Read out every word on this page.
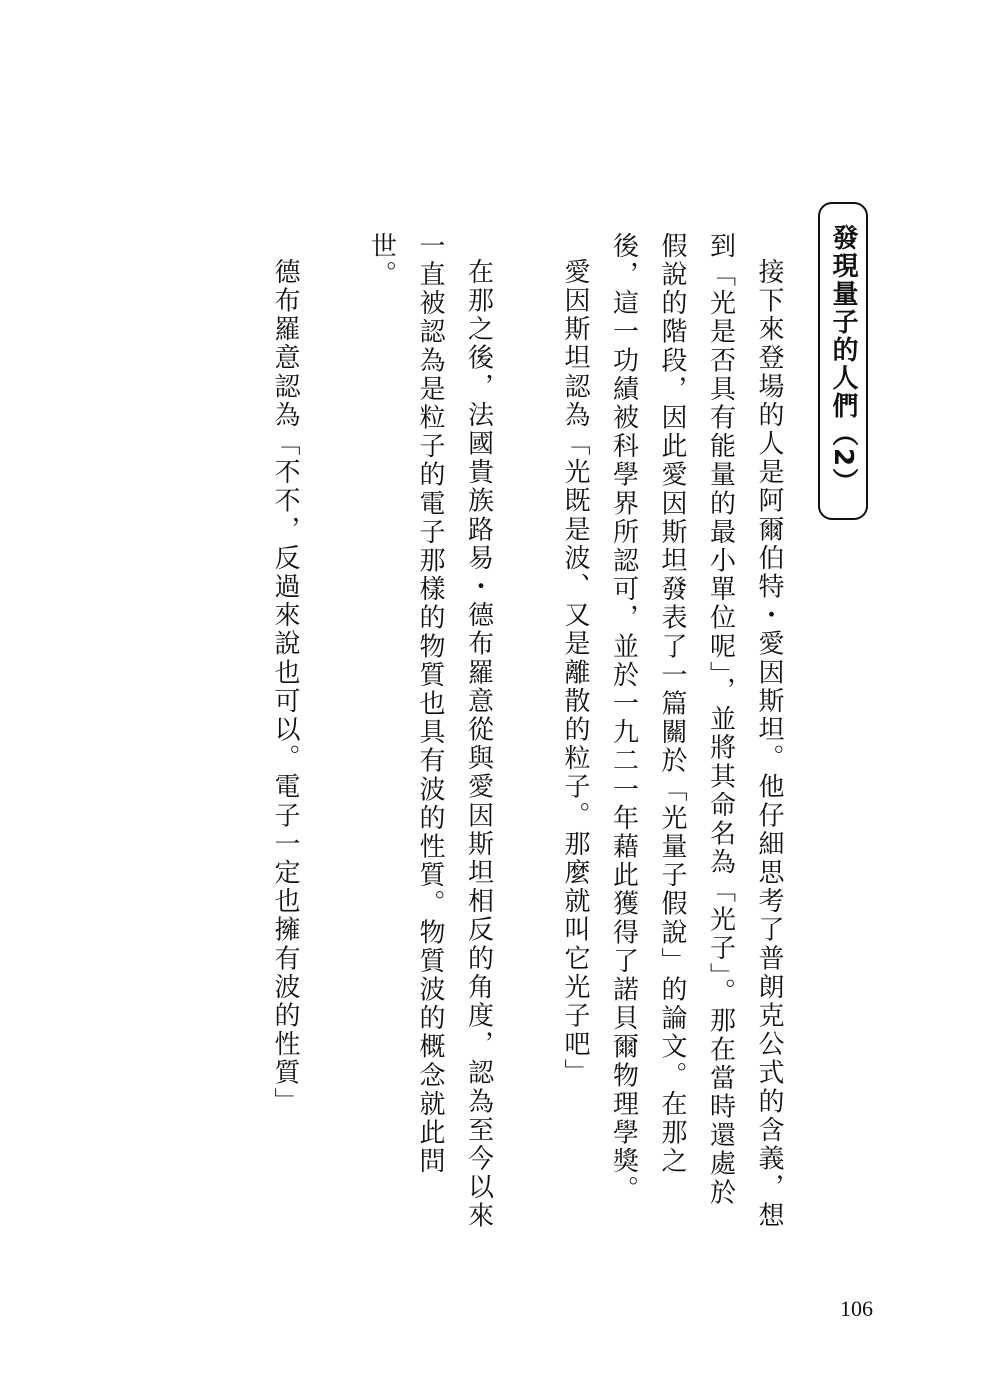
發現量子的人們（2）

接下來登場的人是阿爾伯特・愛因斯坦。他仔細思考了普朗克公式的含義，想到「光是否具有能量的最小單位呢」，並將其命名為「光子」。那在當時還處於假說的階段，因此愛因斯坦發表了一篇關於「光量子假說」的論文。在那之後，這一功績被科學界所認可，並於一九二一年藉此獲得了諾貝爾物理學獎。

愛因斯坦認為「光既是波、又是離散的粒子。那麼就叫它光子吧」

在那之後，法國貴族路易・德布羅意從與愛因斯坦相反的角度，認為至今以來一直被認為是粒子的電子那樣的物質也具有波的性質。物質波的概念就此問世。

德布羅意認為「不不，反過來說也可以。電子一定也擁有波的性質」

106
